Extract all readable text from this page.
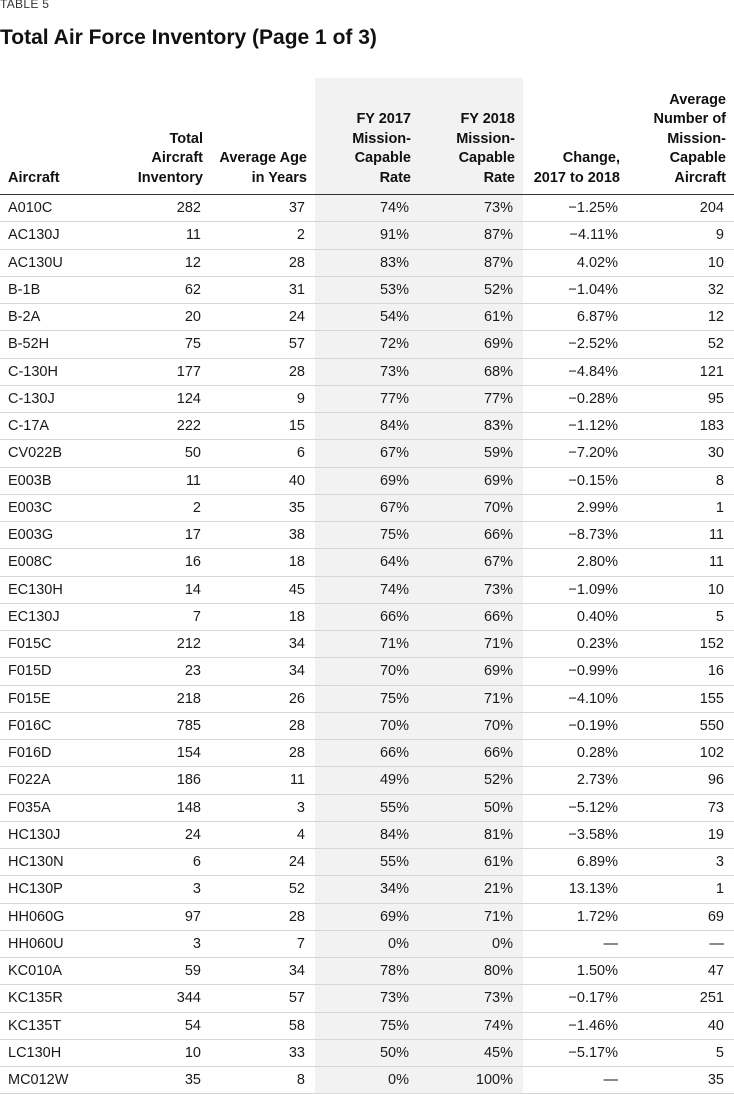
TABLE 5
Total Air Force Inventory (Page 1 of 3)
Aircraft	Total Aircraft Inventory	Average Age in Years	FY 2017 Mission-Capable Rate	FY 2018 Mission-Capable Rate	Change, 2017 to 2018	Average Number of Mission-Capable Aircraft
A010C	282	37	74%	73%	−1.25%	204
AC130J	11	2	91%	87%	−4.11%	9
AC130U	12	28	83%	87%	4.02%	10
B-1B	62	31	53%	52%	−1.04%	32
B-2A	20	24	54%	61%	6.87%	12
B-52H	75	57	72%	69%	−2.52%	52
C-130H	177	28	73%	68%	−4.84%	121
C-130J	124	9	77%	77%	−0.28%	95
C-17A	222	15	84%	83%	−1.12%	183
CV022B	50	6	67%	59%	−7.20%	30
E003B	11	40	69%	69%	−0.15%	8
E003C	2	35	67%	70%	2.99%	1
E003G	17	38	75%	66%	−8.73%	11
E008C	16	18	64%	67%	2.80%	11
EC130H	14	45	74%	73%	−1.09%	10
EC130J	7	18	66%	66%	0.40%	5
F015C	212	34	71%	71%	0.23%	152
F015D	23	34	70%	69%	−0.99%	16
F015E	218	26	75%	71%	−4.10%	155
F016C	785	28	70%	70%	−0.19%	550
F016D	154	28	66%	66%	0.28%	102
F022A	186	11	49%	52%	2.73%	96
F035A	148	3	55%	50%	−5.12%	73
HC130J	24	4	84%	81%	−3.58%	19
HC130N	6	24	55%	61%	6.89%	3
HC130P	3	52	34%	21%	13.13%	1
HH060G	97	28	69%	71%	1.72%	69
HH060U	3	7	0%	0%	—	—
KC010A	59	34	78%	80%	1.50%	47
KC135R	344	57	73%	73%	−0.17%	251
KC135T	54	58	75%	74%	−1.46%	40
LC130H	10	33	50%	45%	−5.17%	5
MC012W	35	8	0%	100%	—	35
